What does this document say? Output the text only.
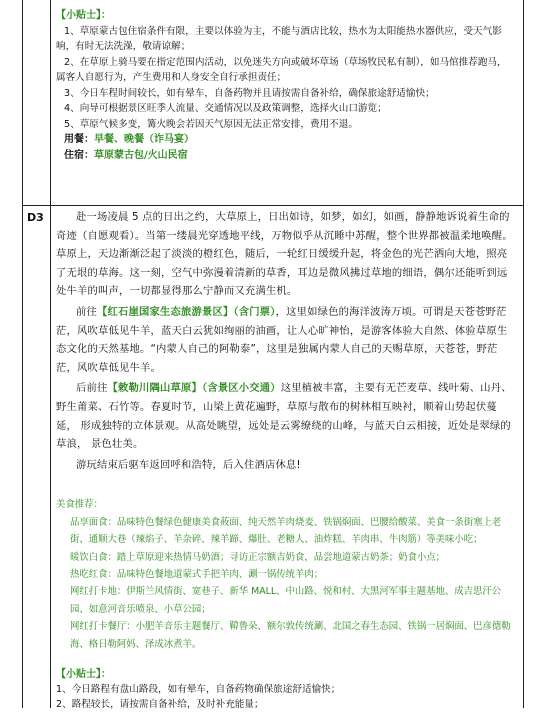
D3
【小贴士】：

1、草原蒙古包住宿条件有限，主要以体验为主，不能与酒店比较，热水为太阳能热水器供应，受天气影

响，有时无法洗澡，敬请谅解；

2、在草原上骑马要在指定范围内活动，以免迷失方向或破坏草场（草场牧民私有制），如马倌推荐跑马，

属客人自愿行为，产生费用和人身安全自行承担责任；

3、今日车程时间较长，如有晕车，自备药物并且请按需自备补给，确保旅途舒适愉快；

4、向导可根据景区旺季人流量、交通情况以及政策调整，选择火山口游览；

5、草原气候多变，篝火晚会若因天气原因无法正常安排，费用不退。

用餐：早餐、晚餐（诈马宴）

住宿：草原蒙古包/火山民宿

赴一场凌晨 5 点的日出之约，大草原上，日出如诗，如梦，如幻，如画，静静地诉说着生命的奇迹（自愿观看）。当第一缕晨光穿透地平线，万物似乎从沉睡中苏醒，整个世界都被温柔地唤醒。草原上，天边渐渐泛起了淡淡的橙红色，随后，一轮红日缓缓升起，将金色的光芒洒向大地，照亮了无垠的草海。这一刻，空气中弥漫着清新的草香，耳边是微风拂过草地的细语，偶尔还能听到远处牛羊的叫声，一切都显得那么宁静而又充满生机。

前往【红石崖国家生态旅游景区】（含门票），这里如绿色的海洋波涛万顷。可谓是天苍苍野茫茫，风吹草低见牛羊，蓝天白云犹如绚丽的油画，让人心旷神怡，是游客体验大自然、体验草原生态文化的天然基地。“内蒙人自己的阿勒泰”，这里是独属内蒙人自己的天赐草原，天苍苍，野茫茫，风吹草低见牛羊。

后前往【敕勒川隅山草原】（含景区小交通）这里植被丰富，主要有无芒麦草、线叶菊、山丹、 野生莆菜、石竹等。春夏时节，山梁上黄花遍野，草原与散布的树林相互映衬，顺着山势起伏蔓延， 形成独特的立体景观。从高处眺望，远处是云雾缭绕的山峰，与蓝天白云相接，近处是翠绿的草浪， 景色壮美。

游玩结束后驱车返回呼和浩特，后入住酒店休息!

美食推荐：

品享面食：品味特色餐绿色健康美食莜面、纯天然羊肉烧麦、铁锅焖面、巴腰给酸菜、美食一条街塞上老街、通顺大巷（辣焰子、羊杂碎、辣羊蹄、爆肚、老糖人、油炸糕、羊肉串、牛肉筋）等美味小吃；

暖饮白食：踏上草原迎来热情马奶酒；寻访正宗额吉奶食，品尝地道蒙古奶茶；奶食小点；

热吃红食：品味特色餐地道蒙式手把羊肉、涮一锅传统羊肉；

网红打卡地：伊斯兰风情街、宽巷子、新华 MALL、中山路、悦和村、大黑河军事主题基地、成吉思汗公园、如意河音乐喷泉、小草公园；

网红打卡餐厅：小肥羊音乐主题餐厅、鞥鲁朵、额尔敦传统涮、北国之春生态园、铁锅一居焖面、巴彦德勒海、格日勒阿妈、泽成冰煮羊。

【小贴士】：

1、今日路程有盘山路段，如有晕车，自备药物确保旅途舒适愉快；

2、路程较长，请按需自备补给，及时补充能量；
